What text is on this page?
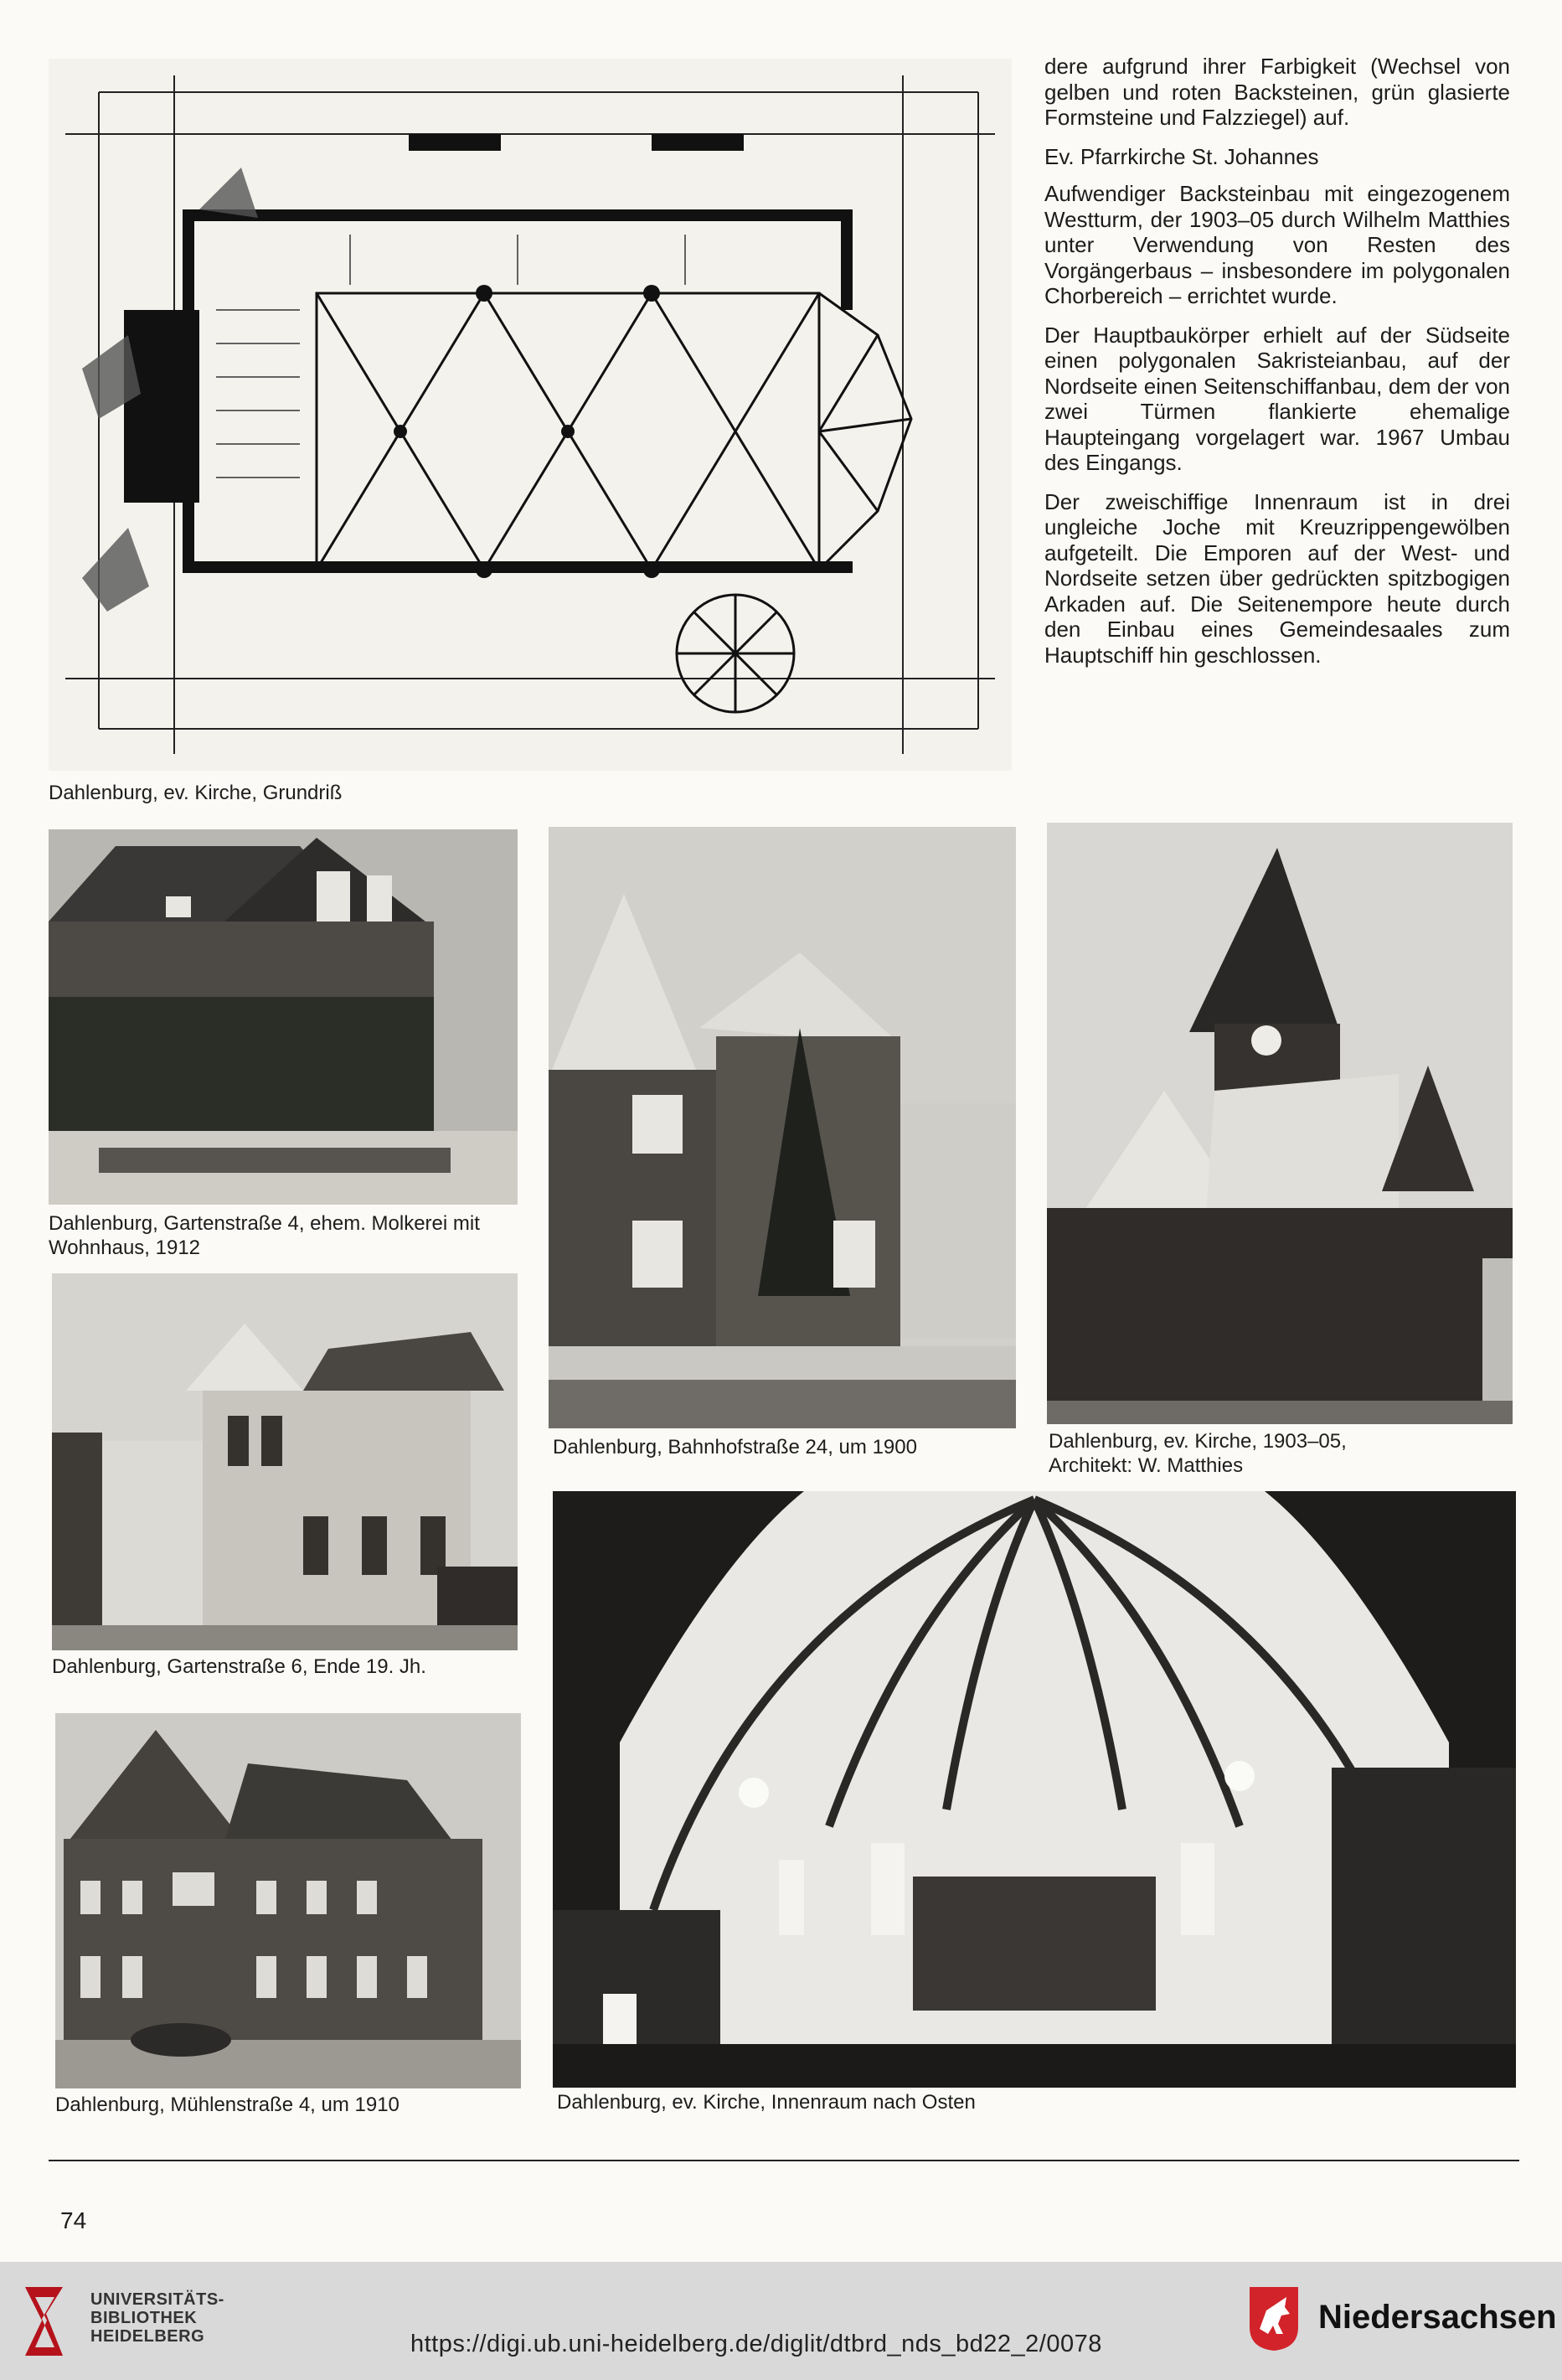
Dahlenburg, ev. Kirche, Grundriß

dere aufgrund ihrer Farbigkeit (Wechsel von gelben und roten Backsteinen, grün glasierte Formsteine und Falzziegel) auf.

Ev. Pfarrkirche St. Johannes

Aufwendiger Backsteinbau mit eingezogenem Westturm, der 1903–05 durch Wilhelm Matthies unter Verwendung von Resten des Vorgängerbaus – insbesondere im polygonalen Chorbereich – errichtet wurde.

Der Hauptbaukörper erhielt auf der Südseite einen polygonalen Sakristeianbau, auf der Nordseite einen Seitenschiffanbau, dem der von zwei Türmen flankierte ehemalige Haupteingang vorgelagert war. 1967 Umbau des Eingangs.

Der zweischiffige Innenraum ist in drei ungleiche Joche mit Kreuzrippengewölben aufgeteilt. Die Emporen auf der West- und Nordseite setzen über gedrückten spitzbogigen Arkaden auf. Die Seitenempore heute durch den Einbau eines Gemeindesaales zum Hauptschiff hin geschlossen.

Dahlenburg, Gartenstraße 4, ehem. Molkerei mit
Wohnhaus, 1912
Dahlenburg, Bahnhofstraße 24, um 1900	Dahlenburg, ev. Kirche, 1903–05,
Architekt: W. Matthies
Dahlenburg, Gartenstraße 6, Ende 19. Jh.
Dahlenburg, ev. Kirche, Innenraum nach Osten
Dahlenburg, Mühlenstraße 4, um 1910
74
UNIVERSITÄTS-
BIBLIOTHEK
HEIDELBERG	https://digi.ub.uni-heidelberg.de/diglit/dtbrd_nds_bd22_2/0078
Niedersachsen
